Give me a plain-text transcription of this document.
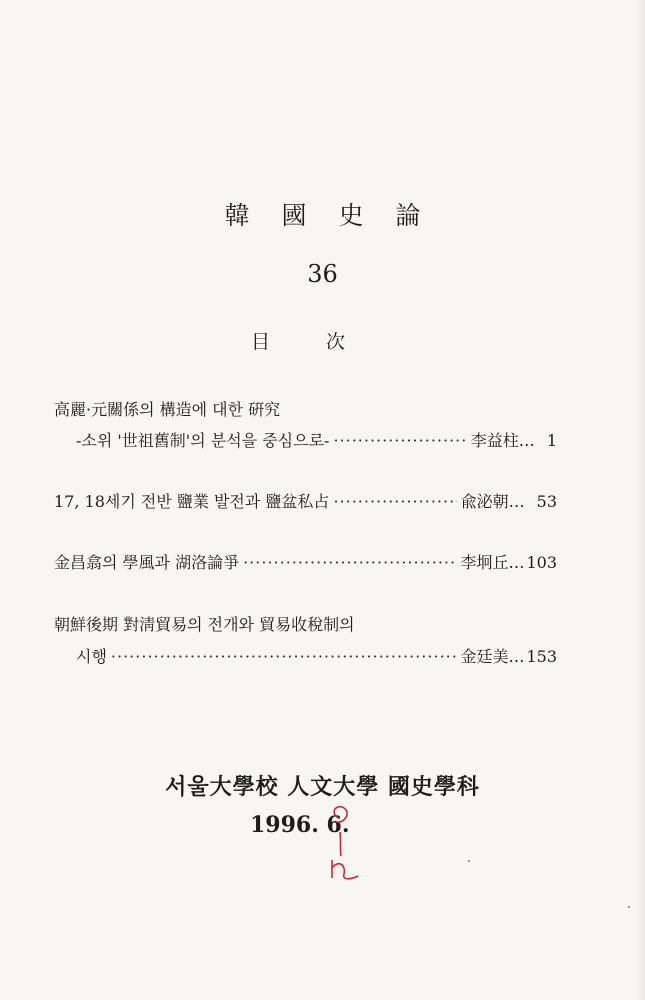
韓 國 史 論
36
目	次
高麗·元關係의 構造에 대한 硏究
-소위 '世祖舊制'의 분석을 중심으로- ·····	李益柱… 1
17, 18세기 전반 鹽業 발전과 鹽盆私占 ·····	兪泌朝… 53
金昌翕의 學風과 湖洛論爭 ·····	李坰丘… 103
朝鮮後期 對淸貿易의 전개와 貿易收稅制의
시행 ·····	金廷美… 153
서울大學校 人文大學 國史學科
1996. 6.
